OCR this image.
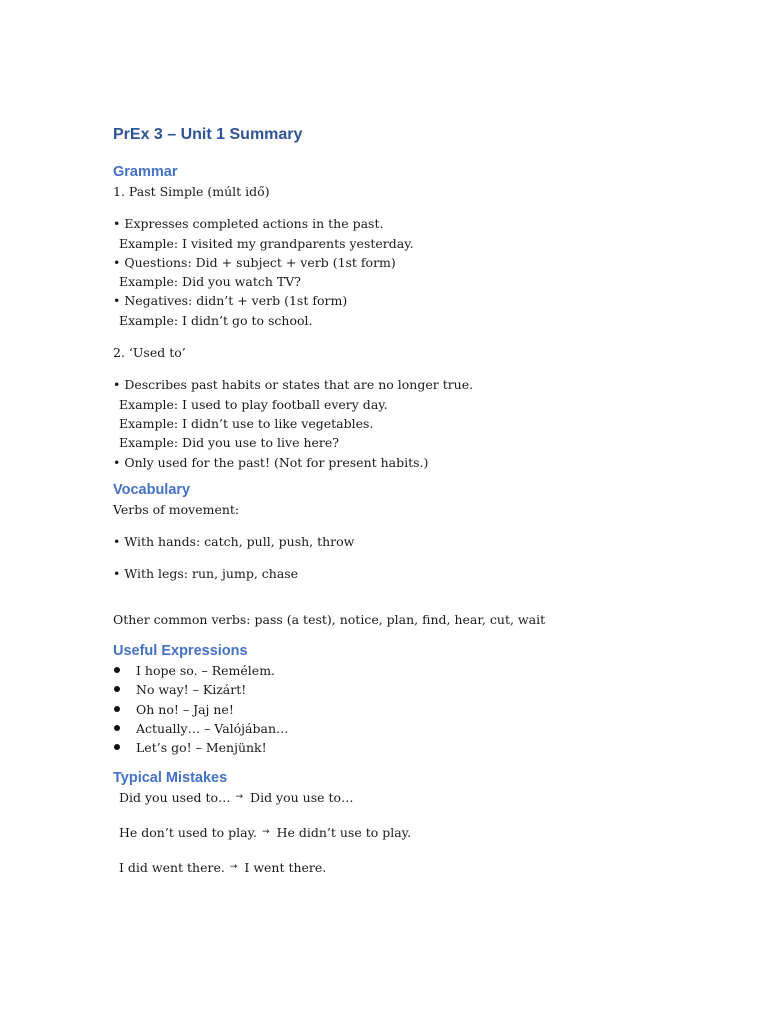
PrEx 3 – Unit 1 Summary
Grammar
1. Past Simple (múlt idő)
• Expresses completed actions in the past.
Example: I visited my grandparents yesterday.
• Questions: Did + subject + verb (1st form)
Example: Did you watch TV?
• Negatives: didn’t + verb (1st form)
Example: I didn’t go to school.
2. ‘Used to’
• Describes past habits or states that are no longer true.
Example: I used to play football every day.
Example: I didn’t use to like vegetables.
Example: Did you use to live here?
• Only used for the past! (Not for present habits.)
Vocabulary
Verbs of movement:
• With hands: catch, pull, push, throw
• With legs: run, jump, chase
Other common verbs: pass (a test), notice, plan, find, hear, cut, wait
Useful Expressions
I hope so. – Remélem.
No way! – Kizárt!
Oh no! – Jaj ne!
Actually… – Valójában…
Let’s go! – Menjünk!
Typical Mistakes
Did you used to… → Did you use to…
He don’t used to play. → He didn’t use to play.
I did went there. → I went there.
